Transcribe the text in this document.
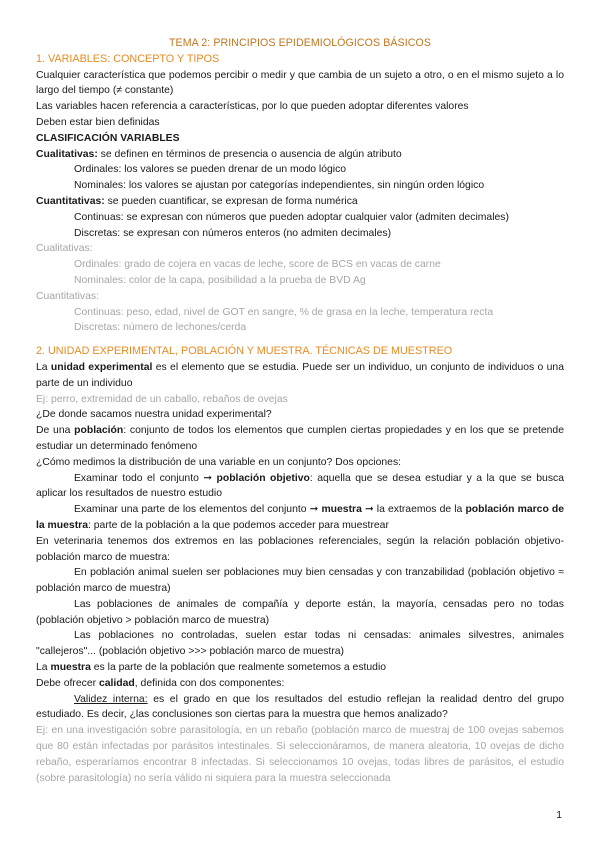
TEMA 2: PRINCIPIOS EPIDEMIOLÓGICOS BÁSICOS

1. VARIABLES: CONCEPTO Y TIPOS

Cualquier característica que podemos percibir o medir y que cambia de un sujeto a otro, o en el mismo sujeto a lo largo del tiempo (≠ constante)

Las variables hacen referencia a características, por lo que pueden adoptar diferentes valores

Deben estar bien definidas

CLASIFICACIÓN VARIABLES

Cualitativas: se definen en términos de presencia o ausencia de algún atributo

Ordinales: los valores se pueden drenar de un modo lógico

Nominales: los valores se ajustan por categorías independientes, sin ningún orden lógico

Cuantitativas: se pueden cuantificar, se expresan de forma numérica

Continuas: se expresan con números que pueden adoptar cualquier valor (admiten decimales)

Discretas: se expresan con números enteros (no admiten decimales)

Cualitativas:

Ordinales: grado de cojera en vacas de leche, score de BCS en vacas de carne

Nominales: color de la capa, posibilidad a la prueba de BVD Ag

Cuantitativas:

Continuas: peso, edad, nivel de GOT en sangre, % de grasa en la leche, temperatura recta

Discretas: número de lechones/cerda

2. UNIDAD EXPERIMENTAL, POBLACIÓN Y MUESTRA. TÉCNICAS DE MUESTREO

La unidad experimental es el elemento que se estudia. Puede ser un individuo, un conjunto de individuos o una parte de un individuo

Ej: perro, extremidad de un caballo, rebaños de ovejas

¿De donde sacamos nuestra unidad experimental?

De una población: conjunto de todos los elementos que cumplen ciertas propiedades y en los que se pretende estudiar un determinado fenómeno

¿Cómo medimos la distribución de una variable en un conjunto? Dos opciones:

Examinar todo el conjunto ➞ población objetivo: aquella que se desea estudiar y a la que se busca aplicar los resultados de nuestro estudio

Examinar una parte de los elementos del conjunto ➞ muestra ➞ la extraemos de la población marco de la muestra: parte de la población a la que podemos acceder para muestrear

En veterinaria tenemos dos extremos en las poblaciones referenciales, según la relación población objetivo-población marco de muestra:

En población animal suelen ser poblaciones muy bien censadas y con tranzabilidad (población objetivo ≈ población marco de muestra)

Las poblaciones de animales de compañía y deporte están, la mayoría, censadas pero no todas (población objetivo > población marco de muestra)

Las poblaciones no controladas, suelen estar todas ni censadas: animales silvestres, animales "callejeros"... (población objetivo >>> población marco de muestra)

La muestra es la parte de la población que realmente sometemos a estudio

Debe ofrecer calidad, definida con dos componentes:

Validez interna: es el grado en que los resultados del estudio reflejan la realidad dentro del grupo estudiado. Es decir, ¿las conclusiones son ciertas para la muestra que hemos analizado?

Ej: en una investigación sobre parasitología, en un rebaño (población marco de muestraj de 100 ovejas sabemos que 80 están infectadas por parásitos intestinales. Si seleccionáramos, de manera aleatoria, 10 ovejas de dicho rebaño, esperaríamos encontrar 8 infectadas. Si seleccionamos 10 ovejas, todas libres de parásitos, el estudio (sobre parasitología) no sería válido ni siquiera para la muestra seleccionada

1
